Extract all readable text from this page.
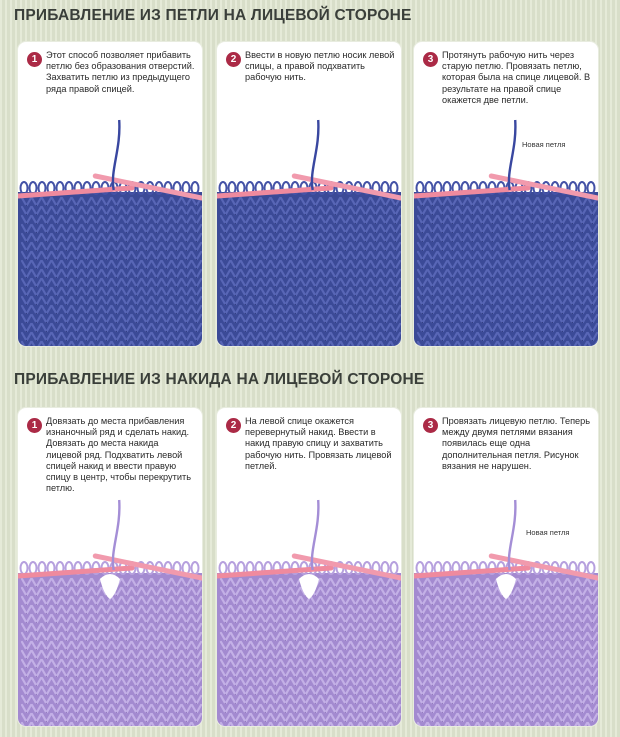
ПРИБАВЛЕНИЕ ИЗ ПЕТЛИ НА ЛИЦЕВОЙ СТОРОНЕ
1 Этот способ позволяет прибавить петлю без образования отверстий. Захватить петлю из предыдущего ряда правой спицей.
2 Ввести в новую петлю носик левой спицы, а правой подхватить рабочую нить.
3 Протянуть рабочую нить через старую петлю. Провязать петлю, которая была на спице лицевой. В результате на правой спице окажется две петли.
Новая петля
ПРИБАВЛЕНИЕ ИЗ НАКИДА НА ЛИЦЕВОЙ СТОРОНЕ
1 Довязать до места прибавления изнаночный ряд и сделать накид. Довязать до места накида лицевой ряд. Подхватить левой спицей накид и ввести правую спицу в центр, чтобы перекрутить петлю.
2 На левой спице окажется перевернутый накид. Ввести в накид правую спицу и захватить рабочую нить. Провязать лицевой петлей.
3 Провязать лицевую петлю. Теперь между двумя петлями вязания появилась еще одна дополнительная петля. Рисунок вязания не нарушен.
Новая петля
